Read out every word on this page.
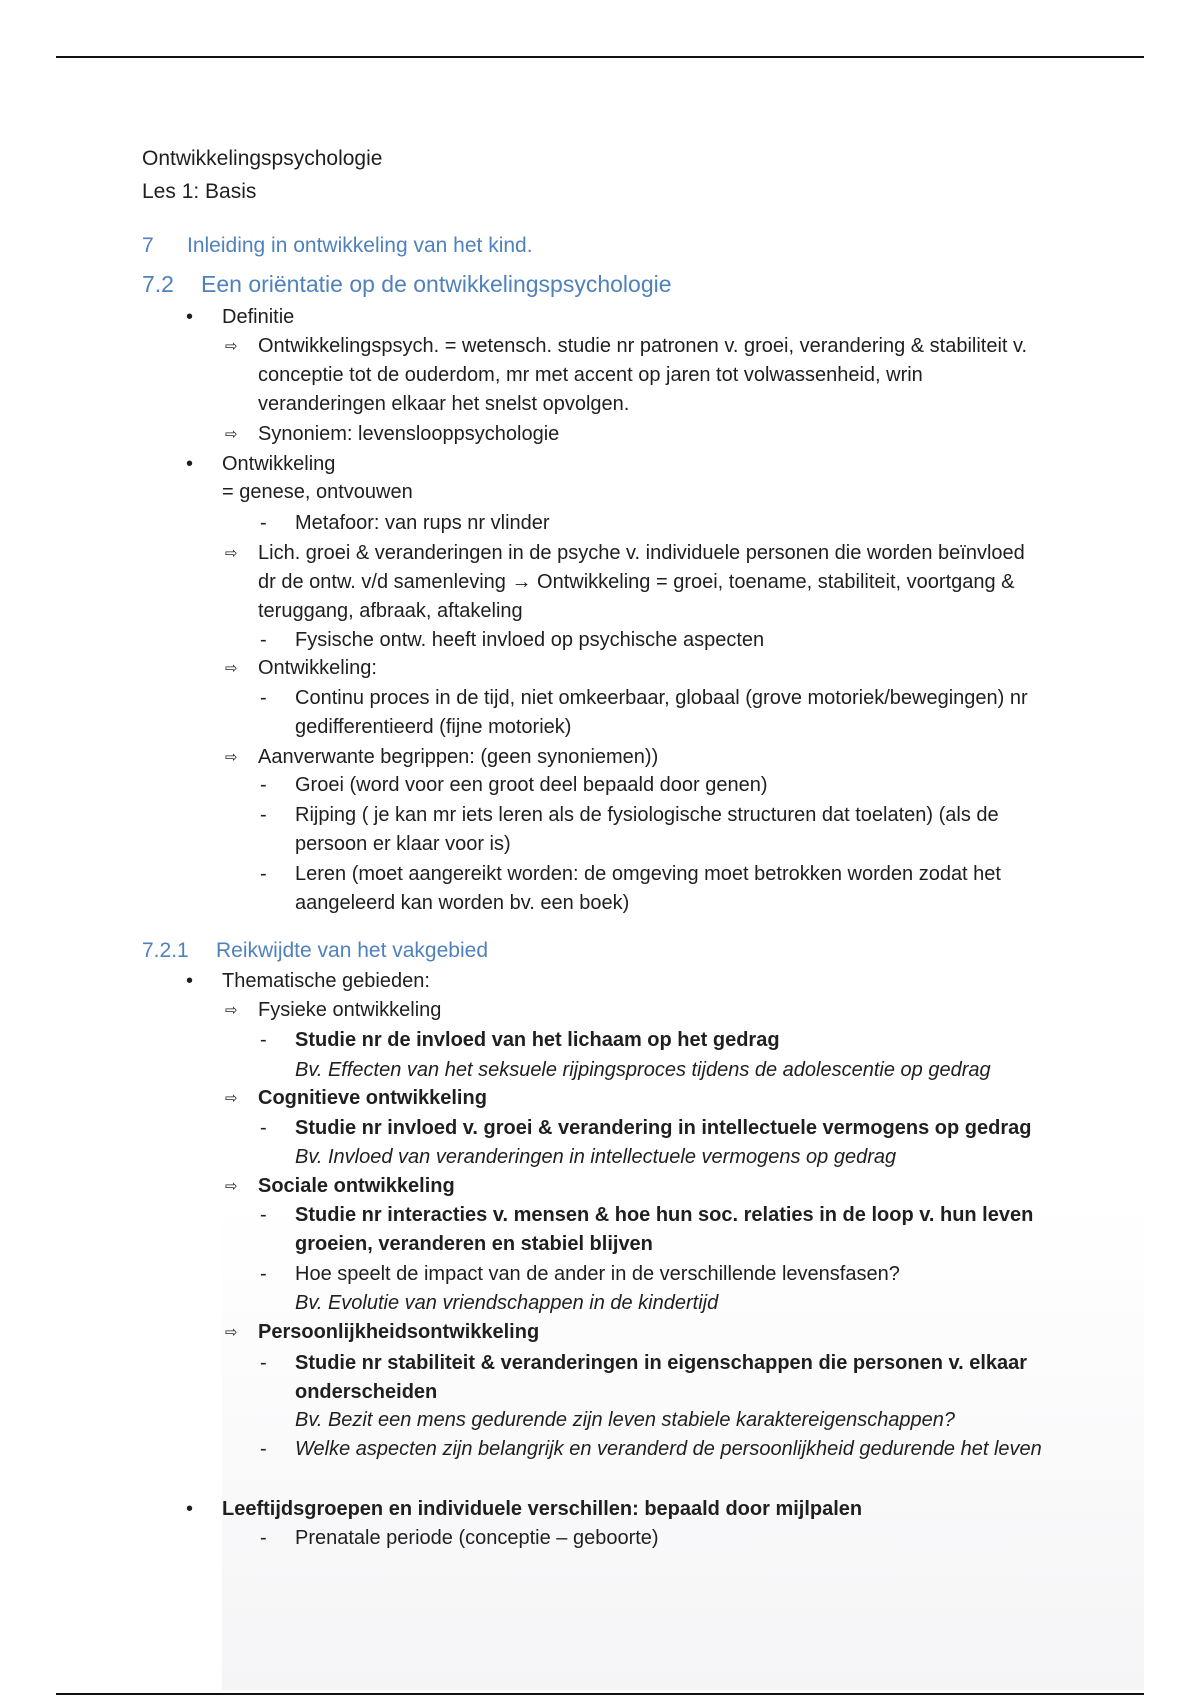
Ontwikkelingspsychologie
Les 1: Basis
7 Inleiding in ontwikkeling van het kind.
7.2 Een oriëntatie op de ontwikkelingspsychologie
• Definitie
⇨ Ontwikkelingspsych. = wetensch. studie nr patronen v. groei, verandering & stabiliteit v.
conceptie tot de ouderdom, mr met accent op jaren tot volwassenheid, wrin
veranderingen elkaar het snelst opvolgen.
⇨ Synoniem: levenslooppsychologie
• Ontwikkeling
= genese, ontvouwen
- Metafoor: van rups nr vlinder
⇨ Lich. groei & veranderingen in de psyche v. individuele personen die worden beïnvloed
dr de ontw. v/d samenleving → Ontwikkeling = groei, toename, stabiliteit, voortgang &
teruggang, afbraak, aftakeling
- Fysische ontw. heeft invloed op psychische aspecten
⇨ Ontwikkeling:
- Continu proces in de tijd, niet omkeerbaar, globaal (grove motoriek/bewegingen) nr
gedifferentieerd (fijne motoriek)
⇨ Aanverwante begrippen: (geen synoniemen))
- Groei (word voor een groot deel bepaald door genen)
- Rijping ( je kan mr iets leren als de fysiologische structuren dat toelaten) (als de
persoon er klaar voor is)
- Leren (moet aangereikt worden: de omgeving moet betrokken worden zodat het
aangeleerd kan worden bv. een boek)
7.2.1 Reikwijdte van het vakgebied
• Thematische gebieden:
⇨ Fysieke ontwikkeling
- Studie nr de invloed van het lichaam op het gedrag
Bv. Effecten van het seksuele rijpingsproces tijdens de adolescentie op gedrag
⇨ Cognitieve ontwikkeling
- Studie nr invloed v. groei & verandering in intellectuele vermogens op gedrag
Bv. Invloed van veranderingen in intellectuele vermogens op gedrag
⇨ Sociale ontwikkeling
- Studie nr interacties v. mensen & hoe hun soc. relaties in de loop v. hun leven
groeien, veranderen en stabiel blijven
- Hoe speelt de impact van de ander in de verschillende levensfasen?
Bv. Evolutie van vriendschappen in de kindertijd
⇨ Persoonlijkheidsontwikkeling
- Studie nr stabiliteit & veranderingen in eigenschappen die personen v. elkaar
onderscheiden
Bv. Bezit een mens gedurende zijn leven stabiele karaktereigenschappen?
- Welke aspecten zijn belangrijk en veranderd de persoonlijkheid gedurende het leven
• Leeftijdsgroepen en individuele verschillen: bepaald door mijlpalen
- Prenatale periode (conceptie – geboorte)
